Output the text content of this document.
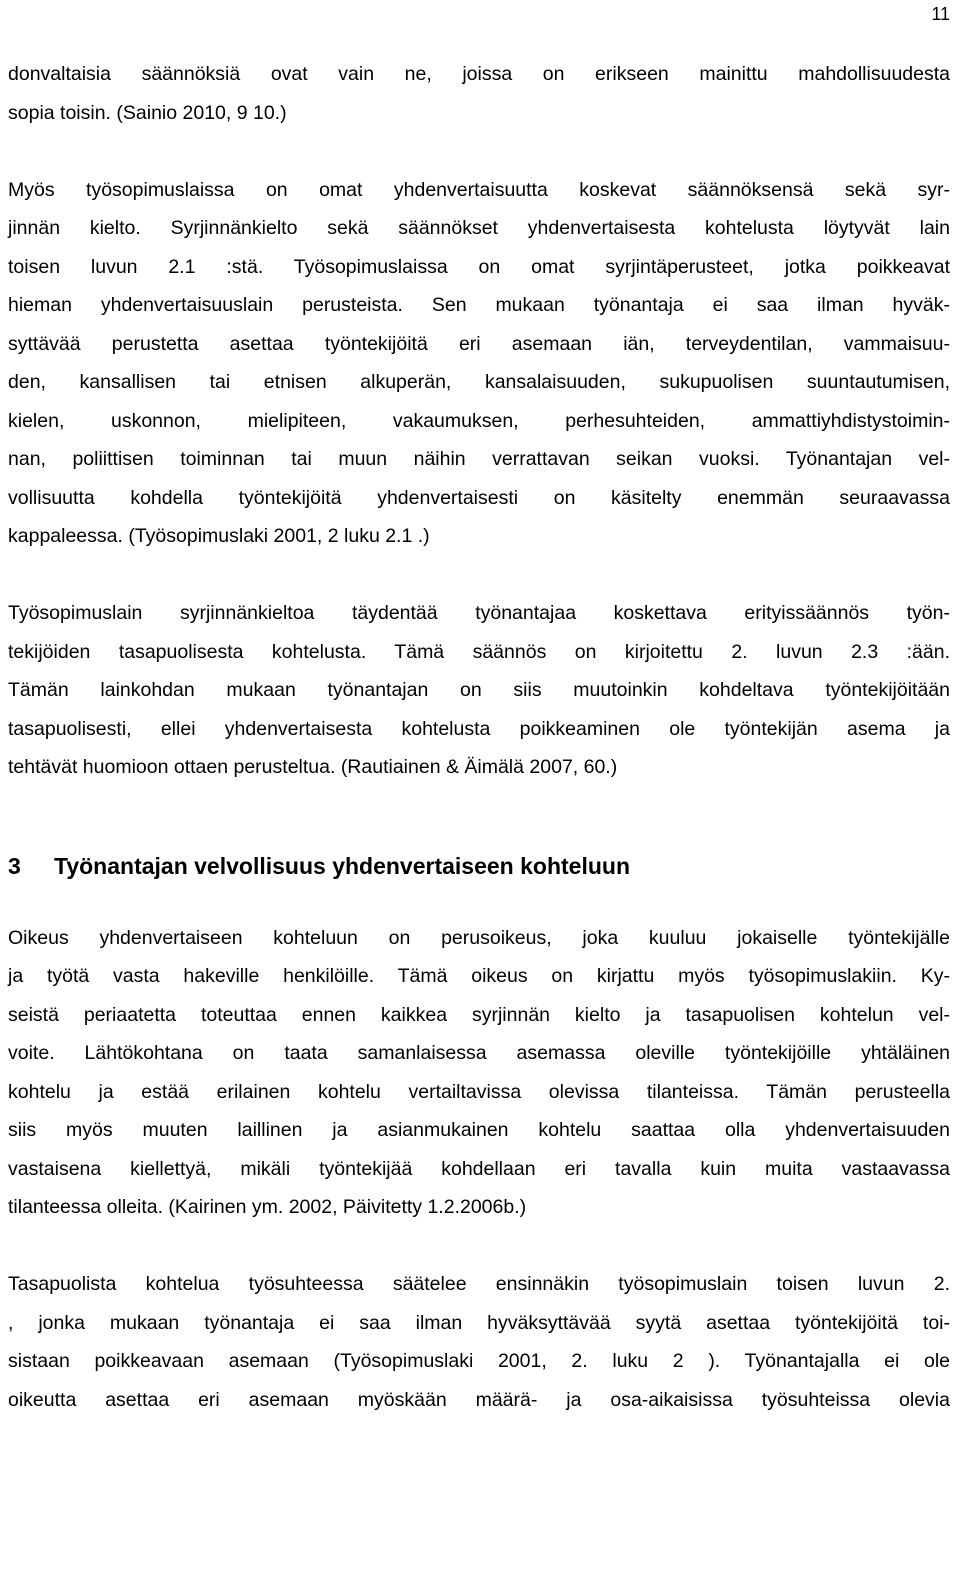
11
donvaltaisia säännöksiä ovat vain ne, joissa on erikseen mainittu mahdollisuudesta
sopia toisin. (Sainio 2010, 9 10.)
Myös työsopimuslaissa on omat yhdenvertaisuutta koskevat säännöksensä sekä syr-
jinnän kielto. Syrjinnänkielto sekä säännökset yhdenvertaisesta kohtelusta löytyvät lain
toisen luvun 2.1 :stä. Työsopimuslaissa on omat syrjintäperusteet, jotka poikkeavat
hieman yhdenvertaisuuslain perusteista. Sen mukaan työnantaja ei saa ilman hyväk-
syttävää perustetta asettaa työntekijöitä eri asemaan iän, terveydentilan, vammaisuu-
den, kansallisen tai etnisen alkuperän, kansalaisuuden, sukupuolisen suuntautumisen,
kielen, uskonnon, mielipiteen, vakaumuksen, perhesuhteiden, ammattiyhdistystoimin-
nan, poliittisen toiminnan tai muun näihin verrattavan seikan vuoksi. Työnantajan vel-
vollisuutta kohdella työntekijöitä yhdenvertaisesti on käsitelty enemmän seuraavassa
kappaleessa. (Työsopimuslaki 2001, 2 luku 2.1 .)
Työsopimuslain syrjinnänkieltoa täydentää työnantajaa koskettava erityissäännös työn-
tekijöiden tasapuolisesta kohtelusta. Tämä säännös on kirjoitettu 2. luvun 2.3 :ään.
Tämän lainkohdan mukaan työnantajan on siis muutoinkin kohdeltava työntekijöitään
tasapuolisesti, ellei yhdenvertaisesta kohtelusta poikkeaminen ole työntekijän asema ja
tehtävät huomioon ottaen perusteltua. (Rautiainen & Äimälä 2007, 60.)
3 Työnantajan velvollisuus yhdenvertaiseen kohteluun
Oikeus yhdenvertaiseen kohteluun on perusoikeus, joka kuuluu jokaiselle työntekijälle
ja työtä vasta hakeville henkilöille. Tämä oikeus on kirjattu myös työsopimuslakiin. Ky-
seistä periaatetta toteuttaa ennen kaikkea syrjinnän kielto ja tasapuolisen kohtelun vel-
voite. Lähtökohtana on taata samanlaisessa asemassa oleville työntekijöille yhtäläinen
kohtelu ja estää erilainen kohtelu vertailtavissa olevissa tilanteissa. Tämän perusteella
siis myös muuten laillinen ja asianmukainen kohtelu saattaa olla yhdenvertaisuuden
vastaisena kiellettyä, mikäli työntekijää kohdellaan eri tavalla kuin muita vastaavassa
tilanteessa olleita. (Kairinen ym. 2002, Päivitetty 1.2.2006b.)
Tasapuolista kohtelua työsuhteessa säätelee ensinnäkin työsopimuslain toisen luvun 2.
, jonka mukaan työnantaja ei saa ilman hyväksyttävää syytä asettaa työntekijöitä toi-
sistaan poikkeavaan asemaan (Työsopimuslaki 2001, 2. luku 2 ). Työnantajalla ei ole
oikeutta asettaa eri asemaan myöskään määrä- ja osa-aikaisissa työsuhteissa olevia
